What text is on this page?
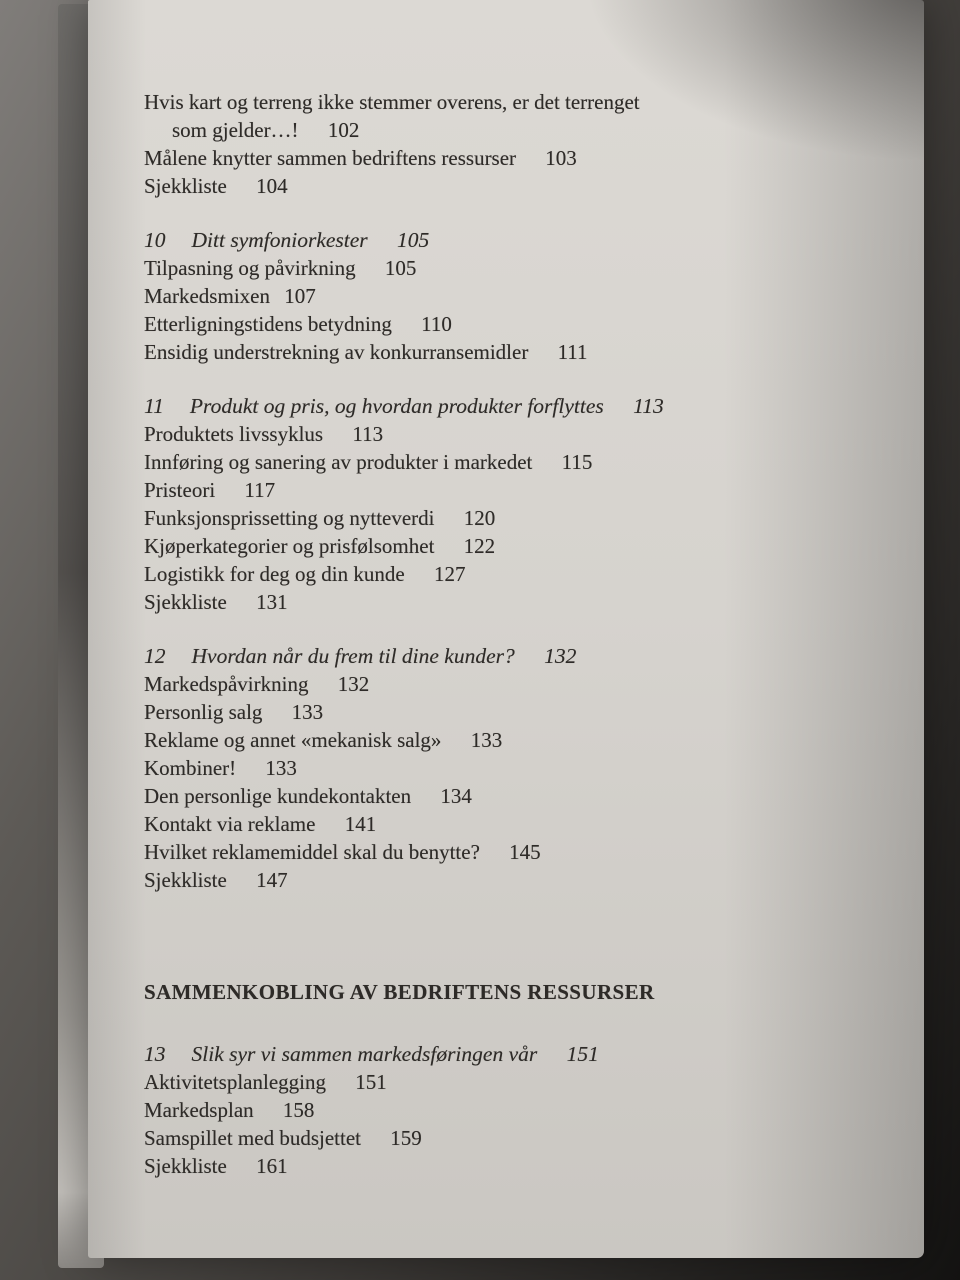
Hvis kart og terreng ikke stemmer overens, er det terrenget
som gjelder…! 102
Målene knytter sammen bedriftens ressurser 103
Sjekkliste 104
10 Ditt symfoniorkester 105
Tilpasning og påvirkning 105
Markedsmixen 107
Etterligningstidens betydning 110
Ensidig understrekning av konkurransemidler 111
11 Produkt og pris, og hvordan produkter forflyttes 113
Produktets livssyklus 113
Innføring og sanering av produkter i markedet 115
Pristeori 117
Funksjonsprissetting og nytteverdi 120
Kjøperkategorier og prisfølsomhet 122
Logistikk for deg og din kunde 127
Sjekkliste 131
12 Hvordan når du frem til dine kunder? 132
Markedspåvirkning 132
Personlig salg 133
Reklame og annet «mekanisk salg» 133
Kombiner! 133
Den personlige kundekontakten 134
Kontakt via reklame 141
Hvilket reklamemiddel skal du benytte? 145
Sjekkliste 147
SAMMENKOBLING AV BEDRIFTENS RESSURSER
13 Slik syr vi sammen markedsføringen vår 151
Aktivitetsplanlegging 151
Markedsplan 158
Samspillet med budsjettet 159
Sjekkliste 161
